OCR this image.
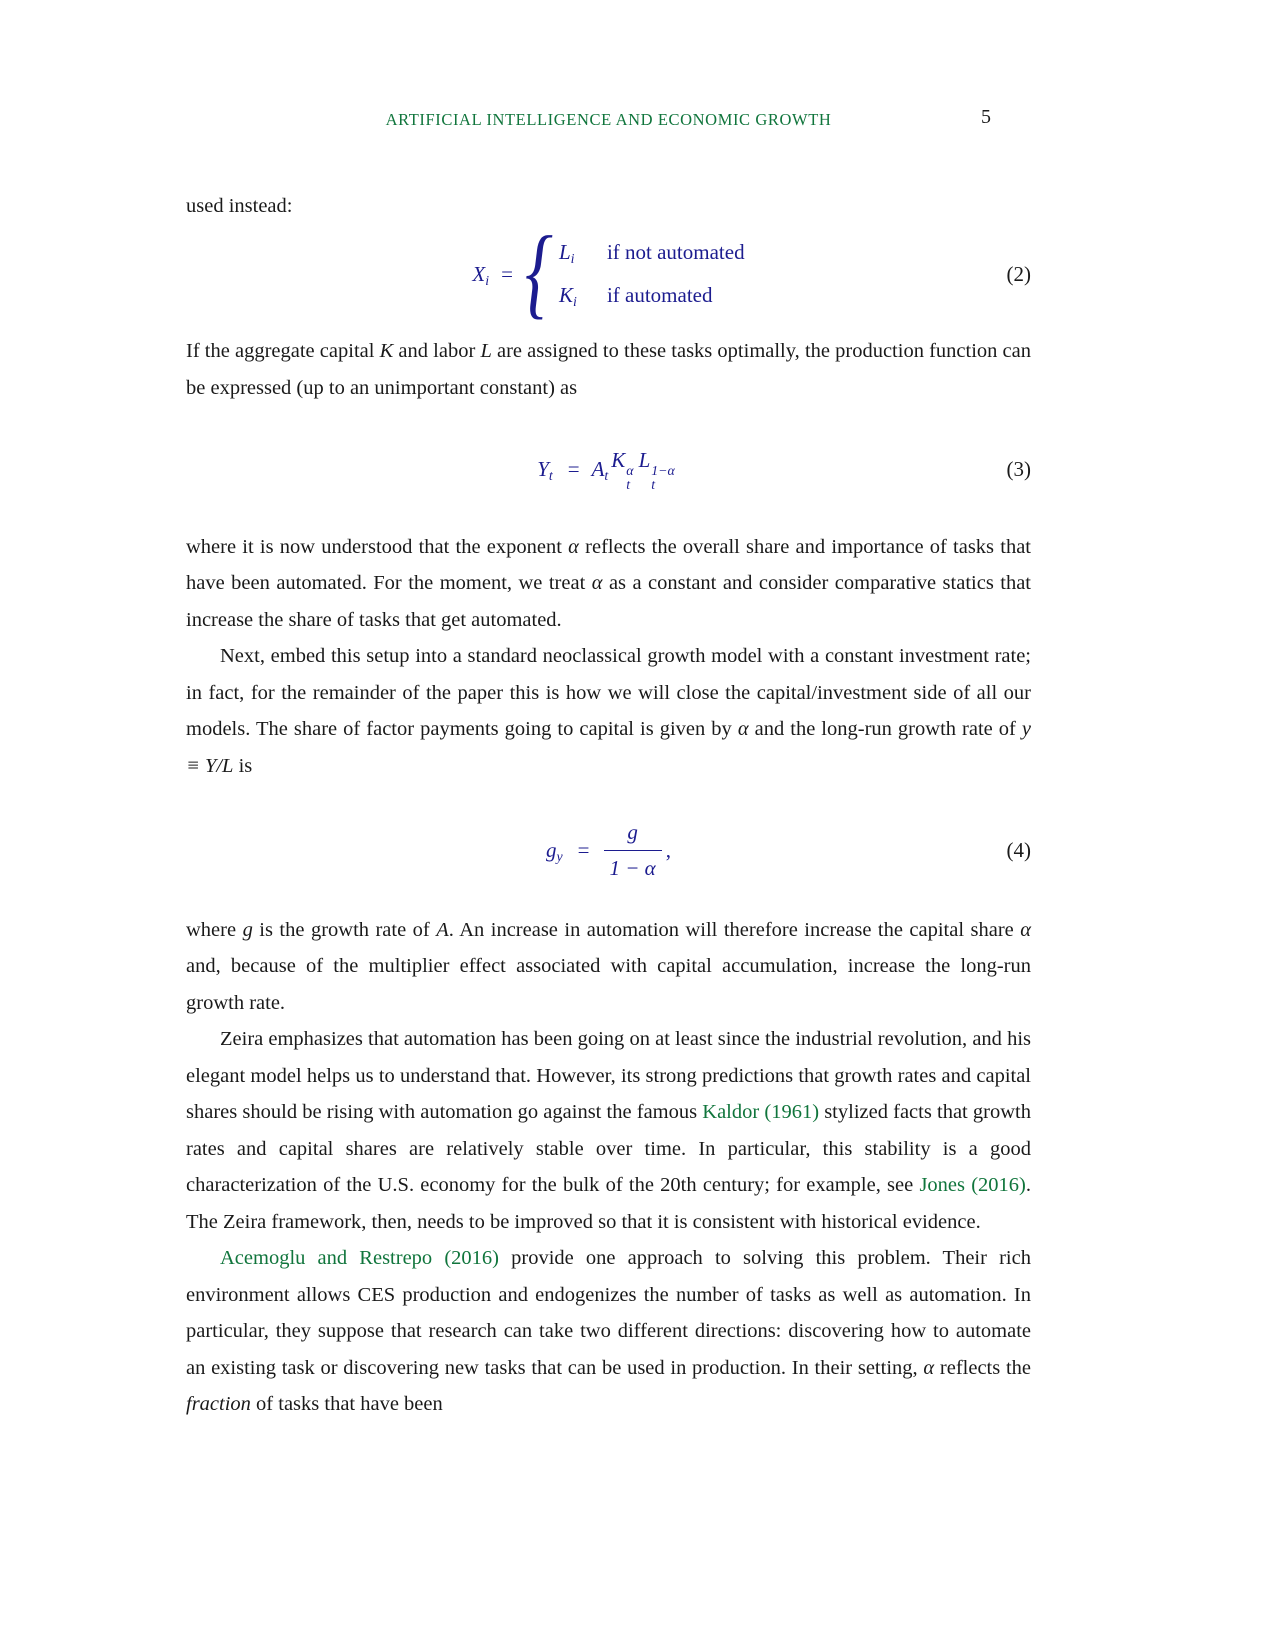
ARTIFICIAL INTELLIGENCE AND ECONOMIC GROWTH	5

used instead:

$X_i$ = { $L_i$	if not automated
$K_i$	if automated
(2)

If the aggregate capital K and labor L are assigned to these tasks optimally, the production function can be expressed (up to an unimportant constant) as

$Y_t = A_t$
K α
t
L 1−α
t
(3)

where it is now understood that the exponent α reflects the overall share and importance of tasks that have been automated. For the moment, we treat α as a constant and consider comparative statics that increase the share of tasks that get automated.

Next, embed this setup into a standard neoclassical growth model with a constant investment rate; in fact, for the remainder of the paper this is how we will close the capital/investment side of all our models. The share of factor payments going to capital is given by α and the long-run growth rate of y ≡ Y/L is

$g_y = \frac{g}{1 - \alpha}$ ,	(4)

where g is the growth rate of A. An increase in automation will therefore increase the capital share α and, because of the multiplier effect associated with capital accumulation, increase the long-run growth rate.

Zeira emphasizes that automation has been going on at least since the industrial revolution, and his elegant model helps us to understand that. However, its strong predictions that growth rates and capital shares should be rising with automation go against the famous Kaldor (1961) stylized facts that growth rates and capital shares are relatively stable over time. In particular, this stability is a good characterization of the U.S. economy for the bulk of the 20th century; for example, see Jones (2016). The Zeira framework, then, needs to be improved so that it is consistent with historical evidence.

Acemoglu and Restrepo (2016) provide one approach to solving this problem. Their rich environment allows CES production and endogenizes the number of tasks as well as automation. In particular, they suppose that research can take two different directions: discovering how to automate an existing task or discovering new tasks that can be used in production. In their setting, α reflects the fraction of tasks that have been
